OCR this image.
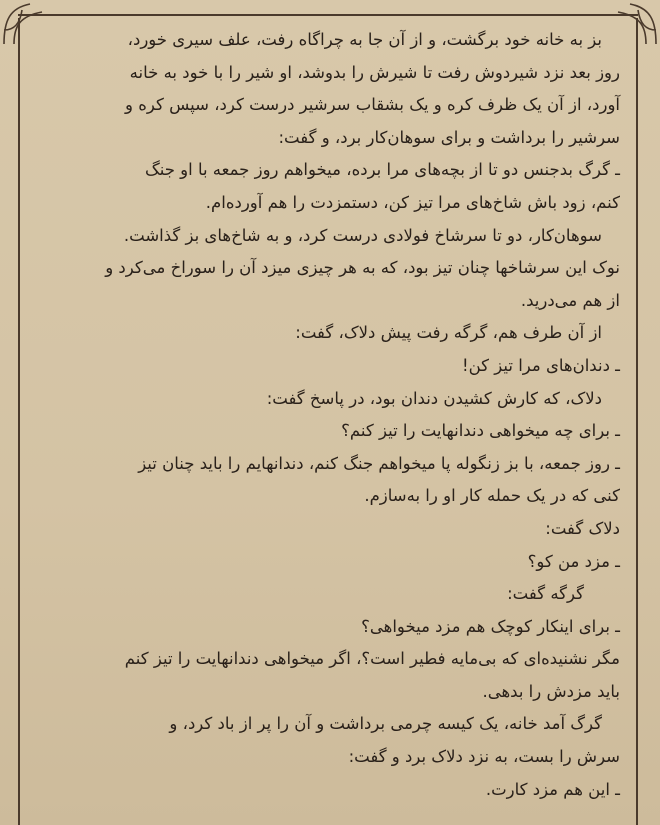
بز به خانه خود برگشت، و از آن جا به چراگاه رفت، علف سیری خورد،

روز بعد نزد شیردوش رفت تا شیرش را بدوشد، او شیر را با خود به خانه

آورد، از آن یک ظرف کره و یک بشقاب سرشیر درست کرد، سپس کره و

سرشیر را برداشت و برای سوهان‌کار برد، و گفت:

ـ گرگ بدجنس دو تا از بچه‌های مرا برده، میخواهم روز جمعه با او جنگ

کنم، زود باش شاخ‌های مرا تیز کن، دستمزدت را هم آورده‌ام.

سوهان‌کار، دو تا سرشاخ فولادی درست کرد، و به شاخ‌های بز گذاشت.

نوک این سرشاخها چنان تیز بود، که به هر چیزی میزد آن را سوراخ می‌کرد و

از هم می‌درید.

از آن طرف هم، گرگه رفت پیش دلاک، گفت:

ـ دندان‌های مرا تیز کن!

دلاک، که کارش کشیدن دندان بود، در پاسخ گفت:

ـ برای چه میخواهی دندانهایت را تیز کنم؟

ـ روز جمعه، با بز زنگوله پا میخواهم جنگ کنم، دندانهایم را باید چنان تیز

کنی که در یک حمله کار او را به‌سازم.

دلاک گفت:

ـ مزد من کو؟

گرگه گفت:

ـ برای اینکار کوچک هم مزد میخواهی؟

مگر نشنیده‌ای که بی‌مایه فطیر است؟، اگر میخواهی دندانهایت را تیز کنم

باید مزدش را بدهی.

گرگ آمد خانه، یک کیسه چرمی برداشت و آن را پر از باد کرد، و

سرش را بست، به نزد دلاک برد و گفت:

ـ این هم مزد کارت.
